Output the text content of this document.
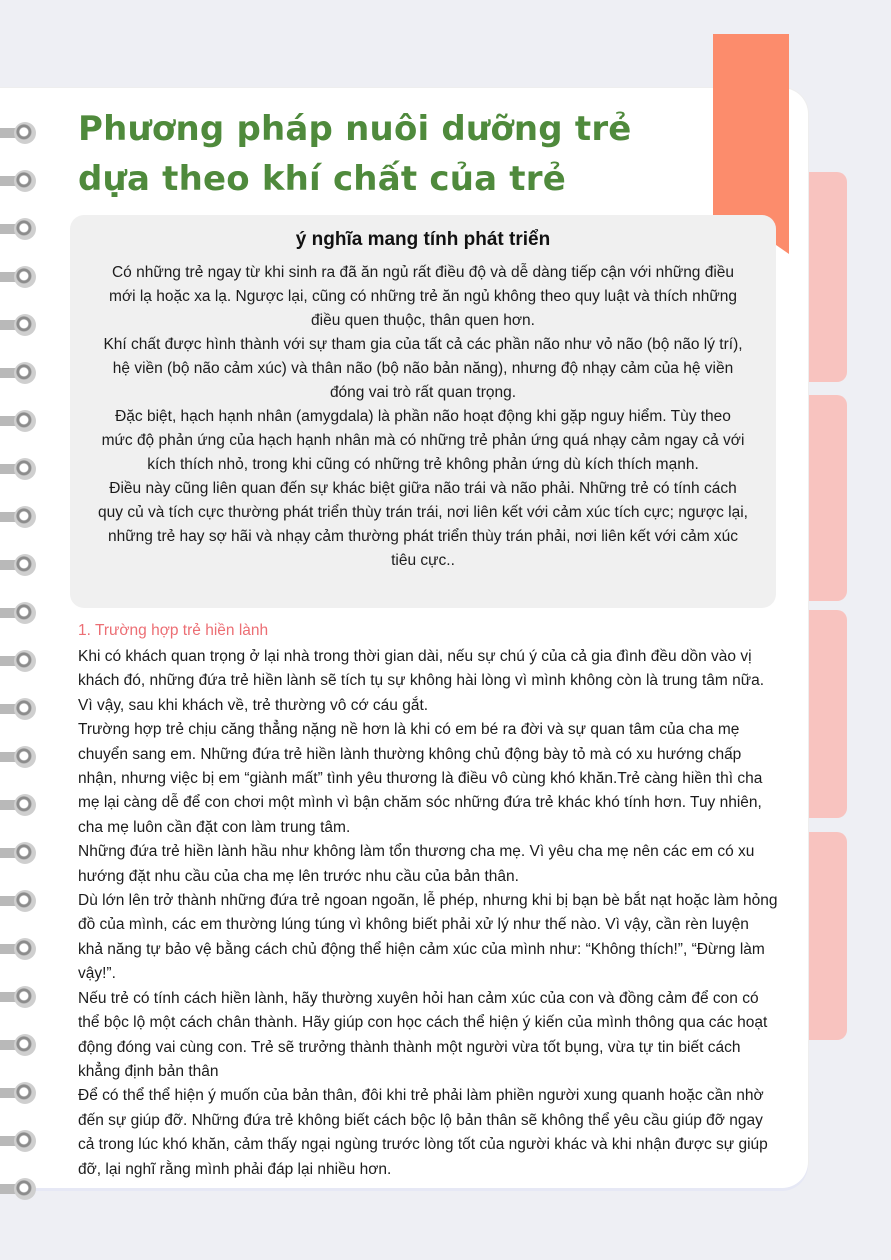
Phương pháp nuôi dưỡng trẻ
dựa theo khí chất của trẻ
ý nghĩa mang tính phát triển

Có những trẻ ngay từ khi sinh ra đã ăn ngủ rất điều độ và dễ dàng tiếp cận với những điều mới lạ hoặc xa lạ. Ngược lại, cũng có những trẻ ăn ngủ không theo quy luật và thích những điều quen thuộc, thân quen hơn.

Khí chất được hình thành với sự tham gia của tất cả các phần não như vỏ não (bộ não lý trí), hệ viền (bộ não cảm xúc) và thân não (bộ não bản năng), nhưng độ nhạy cảm của hệ viền đóng vai trò rất quan trọng.

Đặc biệt, hạch hạnh nhân (amygdala) là phần não hoạt động khi gặp nguy hiểm. Tùy theo mức độ phản ứng của hạch hạnh nhân mà có những trẻ phản ứng quá nhạy cảm ngay cả với kích thích nhỏ, trong khi cũng có những trẻ không phản ứng dù kích thích mạnh.

Điều này cũng liên quan đến sự khác biệt giữa não trái và não phải. Những trẻ có tính cách quy củ và tích cực thường phát triển thùy trán trái, nơi liên kết với cảm xúc tích cực; ngược lại, những trẻ hay sợ hãi và nhạy cảm thường phát triển thùy trán phải, nơi liên kết với cảm xúc tiêu cực..

1. Trường hợp trẻ hiền lành

Khi có khách quan trọng ở lại nhà trong thời gian dài, nếu sự chú ý của cả gia đình đều dồn vào vị khách đó, những đứa trẻ hiền lành sẽ tích tụ sự không hài lòng vì mình không còn là trung tâm nữa. Vì vậy, sau khi khách về, trẻ thường vô cớ cáu gắt.

Trường hợp trẻ chịu căng thẳng nặng nề hơn là khi có em bé ra đời và sự quan tâm của cha mẹ chuyển sang em. Những đứa trẻ hiền lành thường không chủ động bày tỏ mà có xu hướng chấp nhận, nhưng việc bị em “giành mất” tình yêu thương là điều vô cùng khó khăn.Trẻ càng hiền thì cha mẹ lại càng dễ để con chơi một mình vì bận chăm sóc những đứa trẻ khác khó tính hơn. Tuy nhiên, cha mẹ luôn cần đặt con làm trung tâm.

Những đứa trẻ hiền lành hầu như không làm tổn thương cha mẹ. Vì yêu cha mẹ nên các em có xu hướng đặt nhu cầu của cha mẹ lên trước nhu cầu của bản thân.

Dù lớn lên trở thành những đứa trẻ ngoan ngoãn, lễ phép, nhưng khi bị bạn bè bắt nạt hoặc làm hỏng đồ của mình, các em thường lúng túng vì không biết phải xử lý như thế nào. Vì vậy, cần rèn luyện khả năng tự bảo vệ bằng cách chủ động thể hiện cảm xúc của mình như: “Không thích!”, “Đừng làm vậy!”.

Nếu trẻ có tính cách hiền lành, hãy thường xuyên hỏi han cảm xúc của con và đồng cảm để con có thể bộc lộ một cách chân thành. Hãy giúp con học cách thể hiện ý kiến của mình thông qua các hoạt động đóng vai cùng con. Trẻ sẽ trưởng thành thành một người vừa tốt bụng, vừa tự tin biết cách khẳng định bản thân

Để có thể thể hiện ý muốn của bản thân, đôi khi trẻ phải làm phiền người xung quanh hoặc cần nhờ đến sự giúp đỡ. Những đứa trẻ không biết cách bộc lộ bản thân sẽ không thể yêu cầu giúp đỡ ngay cả trong lúc khó khăn, cảm thấy ngại ngùng trước lòng tốt của người khác và khi nhận được sự giúp đỡ, lại nghĩ rằng mình phải đáp lại nhiều hơn.
